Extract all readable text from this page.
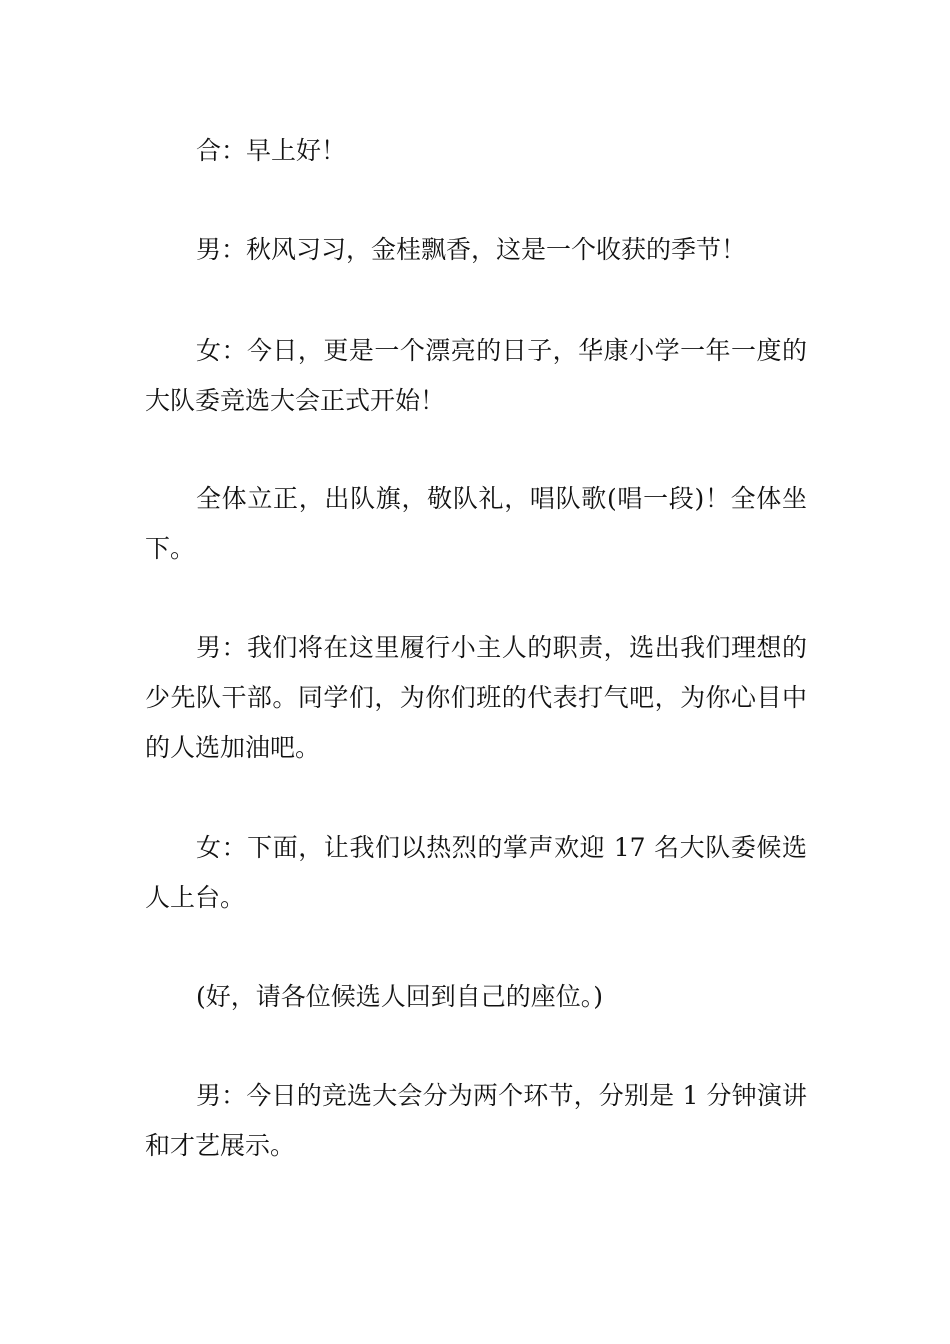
合：早上好！

男：秋风习习，金桂飘香，这是一个收获的季节！

女：今日，更是一个漂亮的日子，华康小学一年一度的大队委竞选大会正式开始！

全体立正，出队旗，敬队礼，唱队歌(唱一段)！全体坐下。

男：我们将在这里履行小主人的职责，选出我们理想的少先队干部。同学们，为你们班的代表打气吧，为你心目中的人选加油吧。

女：下面，让我们以热烈的掌声欢迎 17 名大队委候选人上台。

(好，请各位候选人回到自己的座位。)

男：今日的竞选大会分为两个环节，分别是 1 分钟演讲和才艺展示。
